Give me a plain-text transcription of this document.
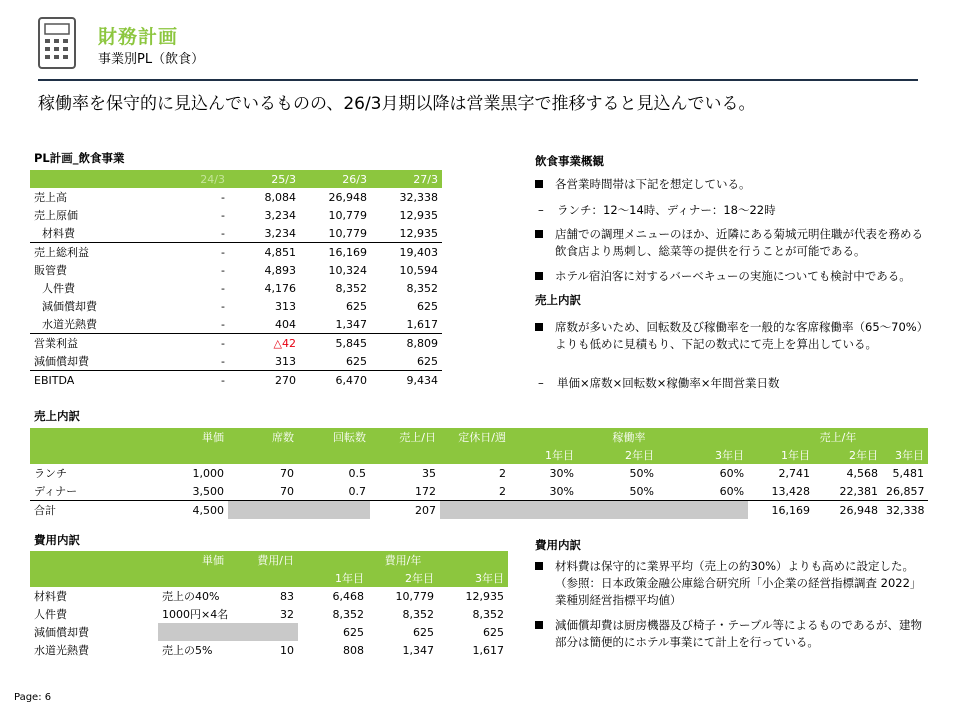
財務計画
事業別PL（飲食）
稼働率を保守的に見込んでいるものの、26/3月期以降は営業黒字で推移すると見込んでいる。
PL計画_飲食事業
	24/3	25/3	26/3	27/3
売上高	-	8,084	26,948	32,338
売上原価	-	3,234	10,779	12,935
材料費	-	3,234	10,779	12,935
売上総利益	-	4,851	16,169	19,403
販管費	-	4,893	10,324	10,594
人件費	-	4,176	8,352	8,352
減価償却費	-	313	625	625
水道光熱費	-	404	1,347	1,617
営業利益	-	△42	5,845	8,809
減価償却費	-	313	625	625
EBITDA	-	270	6,470	9,434
売上内訳
	単価	席数	回転数	売上/日	定休日/週	稼働率			売上/年		
						1年目	2年目	3年目	1年目	2年目	3年目
ランチ	1,000	70	0.5	35	2	30%	50%	60%	2,741	4,568	5,481
ディナー	3,500	70	0.7	172	2	30%	50%	60%	13,428	22,381	26,857
合計	4,500			207					16,169	26,948	32,338
費用内訳
	単価	費用/日	費用/年		
			1年目	2年目	3年目
材料費	売上の40%	83	6,468	10,779	12,935
人件費	1000円×4名	32	8,352	8,352	8,352
減価償却費			625	625	625
水道光熱費	売上の5%	10	808	1,347	1,617
飲食事業概観
各営業時間帯は下記を想定している。
– ランチ：12～14時、ディナー：18～22時
店舗での調理メニューのほか、近隣にある菊城元明住職が代表を務める飲食店より馬刺し、総菜等の提供を行うことが可能である。
ホテル宿泊客に対するバーベキューの実施についても検討中である。
売上内訳
席数が多いため、回転数及び稼働率を一般的な客席稼働率（65～70%）よりも低めに見積もり、下記の数式にて売上を算出している。
– 単価×席数×回転数×稼働率×年間営業日数
費用内訳
材料費は保守的に業界平均（売上の約30%）よりも高めに設定した。（参照：日本政策金融公庫総合研究所「小企業の経営指標調査 2022」業種別経営指標平均値）
減価償却費は厨房機器及び椅子・テーブル等によるものであるが、建物部分は簡便的にホテル事業にて計上を行っている。
Page: 6
